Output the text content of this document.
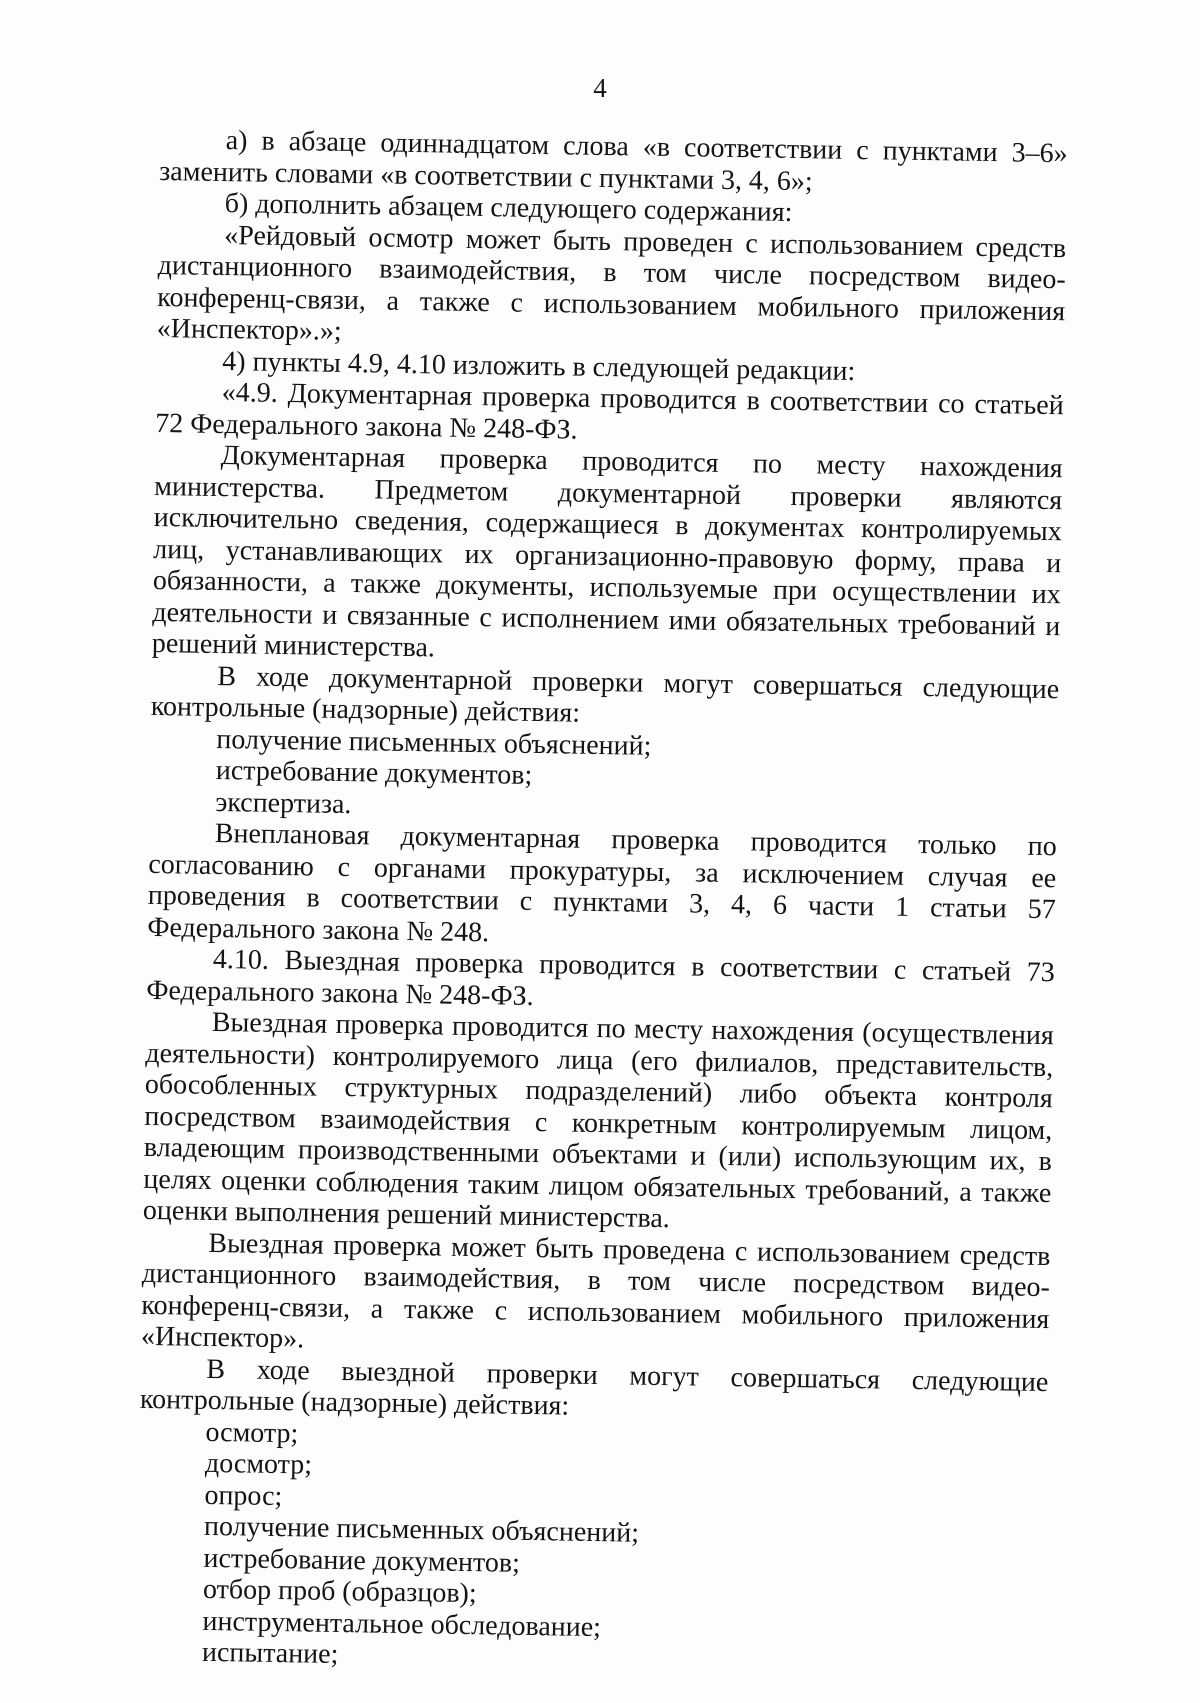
4

а) в абзаце одиннадцатом слова «в соответствии с пунктами 3–6» заменить словами «в соответствии с пунктами 3, 4, 6»;

б) дополнить абзацем следующего содержания:

«Рейдовый осмотр может быть проведен с использованием средств дистанционного взаимодействия, в том числе посредством видео-конференц-связи, а также с использованием мобильного приложения «Инспектор».»;

4) пункты 4.9, 4.10 изложить в следующей редакции:

«4.9. Документарная проверка проводится в соответствии со статьей 72 Федерального закона № 248-ФЗ.

Документарная проверка проводится по месту нахождения министерства. Предметом документарной проверки являются исключительно сведения, содержащиеся в документах контролируемых лиц, устанавливающих их организационно-правовую форму, права и обязанности, а также документы, используемые при осуществлении их деятельности и связанные с исполнением ими обязательных требований и решений министерства.

В ходе документарной проверки могут совершаться следующие контрольные (надзорные) действия:

получение письменных объяснений;

истребование документов;

экспертиза.

Внеплановая документарная проверка проводится только по согласованию с органами прокуратуры, за исключением случая ее проведения в соответствии с пунктами 3, 4, 6 части 1 статьи 57 Федерального закона № 248.

4.10. Выездная проверка проводится в соответствии с статьей 73 Федерального закона № 248-ФЗ.

Выездная проверка проводится по месту нахождения (осуществления деятельности) контролируемого лица (его филиалов, представительств, обособленных структурных подразделений) либо объекта контроля посредством взаимодействия с конкретным контролируемым лицом, владеющим производственными объектами и (или) использующим их, в целях оценки соблюдения таким лицом обязательных требований, а также оценки выполнения решений министерства.

Выездная проверка может быть проведена с использованием средств дистанционного взаимодействия, в том числе посредством видео-конференц-связи, а также с использованием мобильного приложения «Инспектор».

В ходе выездной проверки могут совершаться следующие контрольные (надзорные) действия:

осмотр;

досмотр;

опрос;

получение письменных объяснений;

истребование документов;

отбор проб (образцов);

инструментальное обследование;

испытание;
